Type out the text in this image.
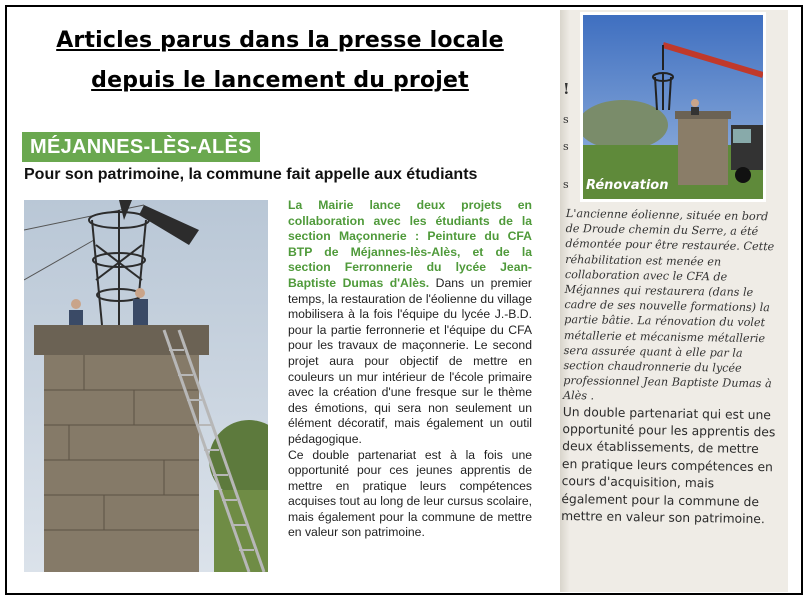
Articles parus dans la presse locale
depuis le lancement du projet
MÉJANNES-LÈS-ALÈS
Pour son patrimoine, la commune fait appelle aux étudiants

La Mairie lance deux projets en collaboration avec les étudiants de la section Maçonnerie : Peinture du CFA BTP de Méjannes-lès-Alès, et de la section Ferronnerie du lycée Jean-Baptiste Dumas d'Alès. Dans un premier temps, la restauration de l'éolienne du village mobilisera à la fois l'équipe du lycée J.-B.D. pour la partie ferronnerie et l'équipe du CFA pour les travaux de maçonnerie. Le second projet aura pour objectif de mettre en couleurs un mur intérieur de l'école primaire avec la création d'une fresque sur le thème des émotions, qui sera non seulement un élément décoratif, mais également un outil pédagogique.

Ce double partenariat est à la fois une opportunité pour ces jeunes apprentis de mettre en pratique leurs compétences acquises tout au long de leur cursus scolaire, mais également pour la commune de mettre en valeur son patrimoine.

!
s
s
s Rénovation

L'ancienne éolienne, située en bord de Droude chemin du Serre, a été démontée pour être restaurée. Cette réhabilitation est menée en collaboration avec le CFA de Méjannes qui restaurera (dans le cadre de ses nouvelle formations) la partie bâtie. La rénovation du volet métallerie et mécanisme métallerie sera assurée quant à elle par la section chaudronnerie du lycée professionnel Jean Baptiste Dumas à Alès .

Un double partenariat qui est une opportunité pour les apprentis des deux établissements, de mettre en pratique leurs compétences en cours d'acquisition, mais également pour la commune de mettre en valeur son patrimoine.
